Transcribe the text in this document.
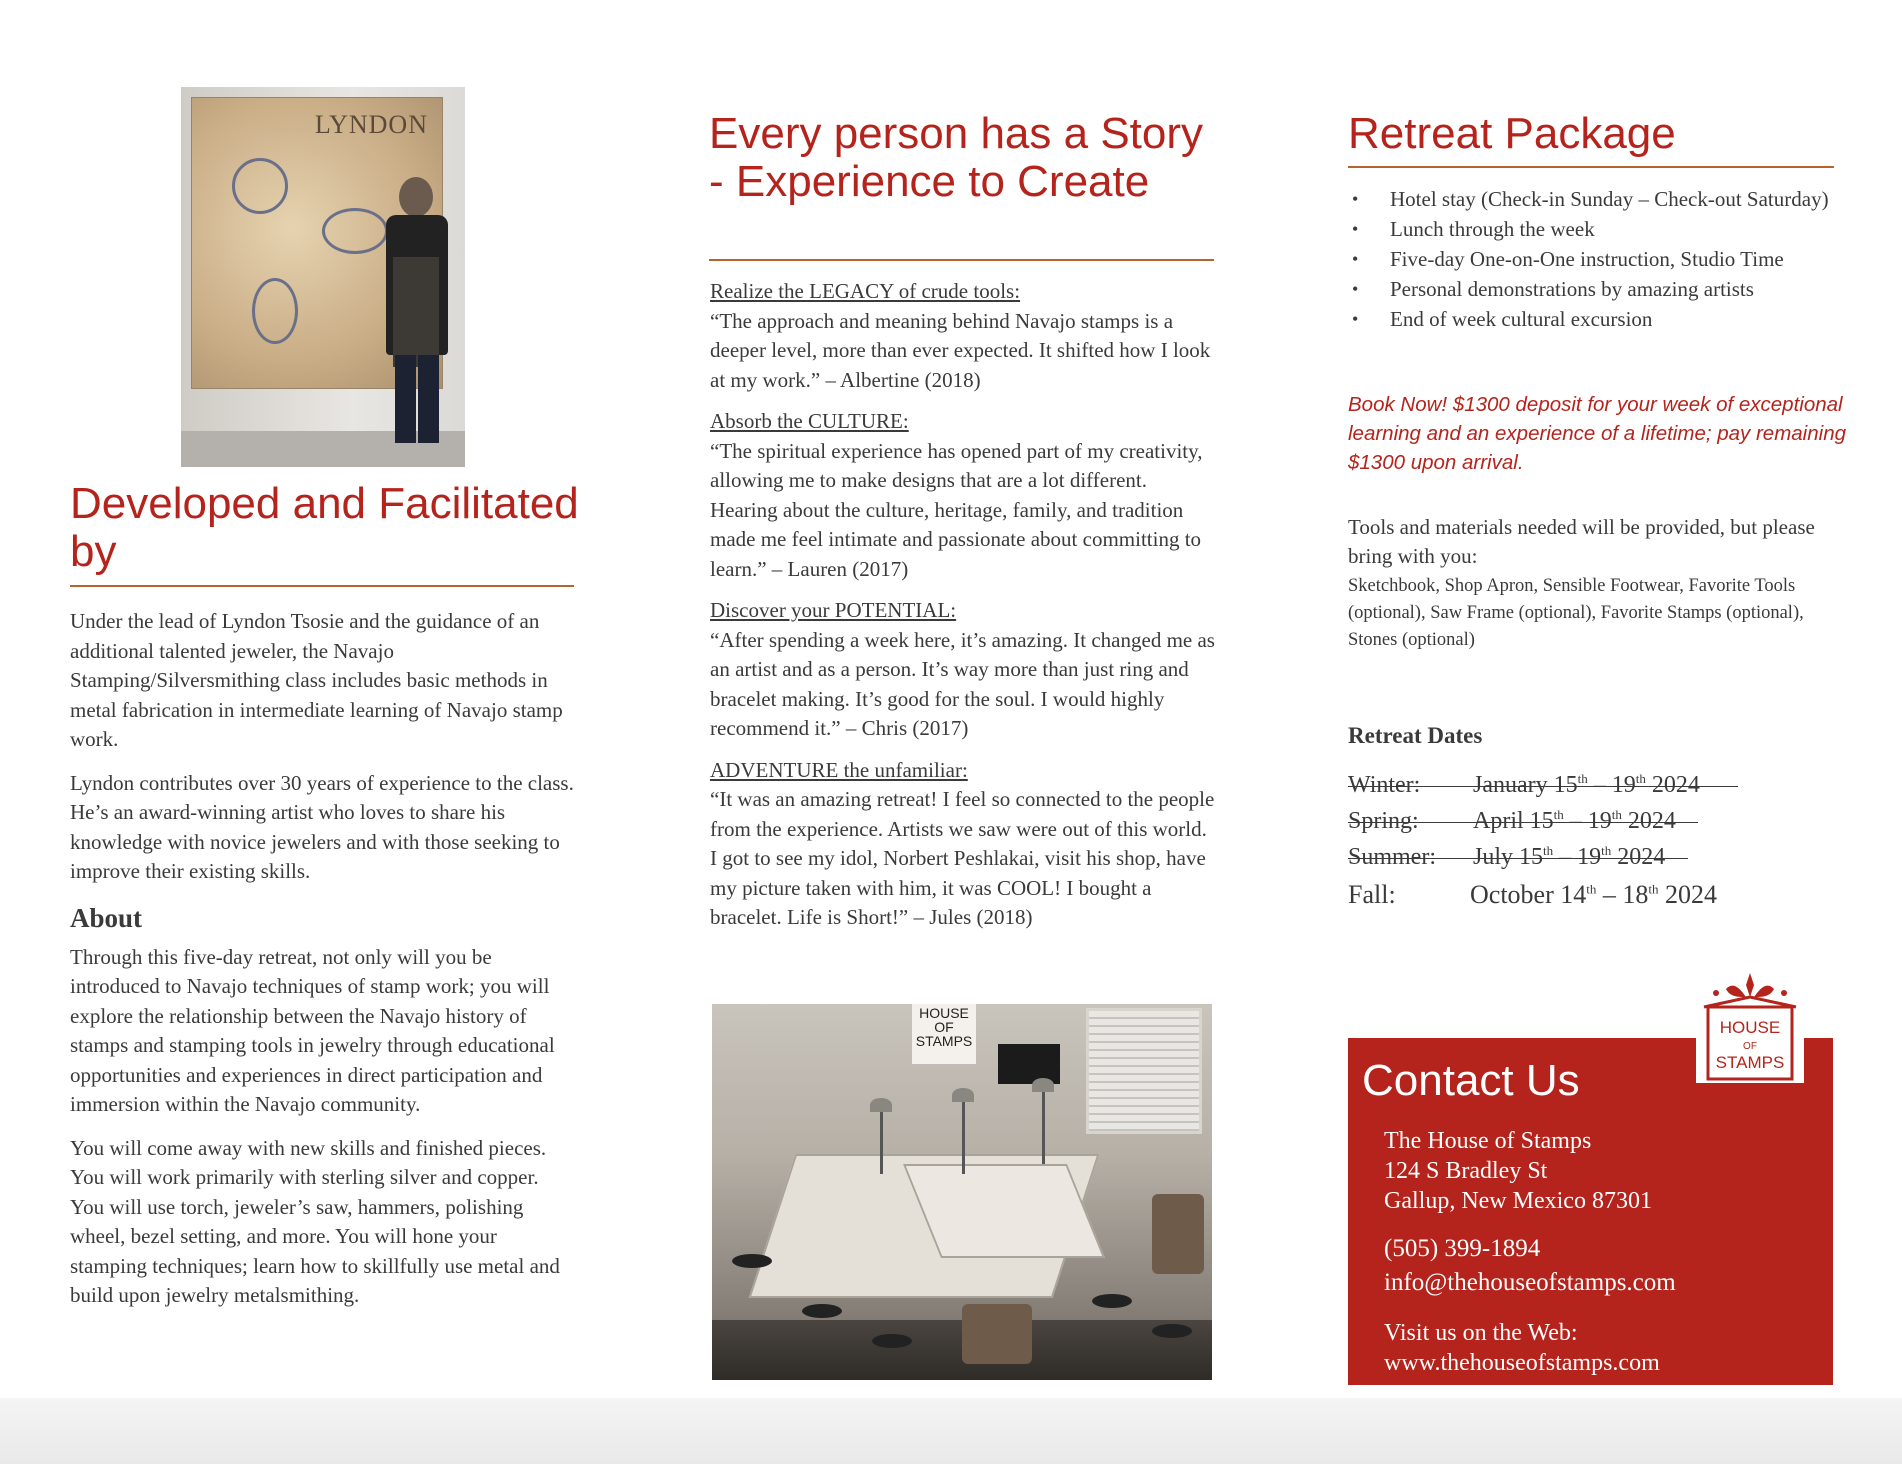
LYNDON
Developed and Facilitated by

Under the lead of Lyndon Tsosie and the guidance of an additional talented jeweler, the Navajo Stamping/Silversmithing class includes basic methods in metal fabrication in intermediate learning of Navajo stamp work.

Lyndon contributes over 30 years of experience to the class. He’s an award-winning artist who loves to share his knowledge with novice jewelers and with those seeking to improve their existing skills.

About

Through this five-day retreat, not only will you be introduced to Navajo techniques of stamp work; you will explore the relationship between the Navajo history of stamps and stamping tools in jewelry through educational opportunities and experiences in direct participation and immersion within the Navajo community.

You will come away with new skills and finished pieces. You will work primarily with sterling silver and copper. You will use torch, jeweler’s saw, hammers, polishing wheel, bezel setting, and more. You will hone your stamping techniques; learn how to skillfully use metal and build upon jewelry metalsmithing.

Every person has a Story - Experience to Create

Realize the LEGACY of crude tools:

“The approach and meaning behind Navajo stamps is a deeper level, more than ever expected. It shifted how I look at my work.” – Albertine (2018)

Absorb the CULTURE:

“The spiritual experience has opened part of my creativity, allowing me to make designs that are a lot different. Hearing about the culture, heritage, family, and tradition made me feel intimate and passionate about committing to learn.” – Lauren (2017)

Discover your POTENTIAL:

“After spending a week here, it’s amazing. It changed me as an artist and as a person. It’s way more than just ring and bracelet making. It’s good for the soul. I would highly recommend it.” – Chris (2017)

ADVENTURE the unfamiliar:

“It was an amazing retreat! I feel so connected to the people from the experience. Artists we saw were out of this world. I got to see my idol, Norbert Peshlakai, visit his shop, have my picture taken with him, it was COOL! I bought a bracelet. Life is Short!” – Jules (2018)

HOUSE OF STAMPS
Retreat Package
• Hotel stay (Check-in Sunday – Check-out Saturday)
• Lunch through the week
• Five-day One-on-One instruction, Studio Time
• Personal demonstrations by amazing artists
• End of week cultural excursion

Book Now! $1300 deposit for your week of exceptional learning and an experience of a lifetime; pay remaining $1300 upon arrival.

Tools and materials needed will be provided, but please bring with you:

Sketchbook, Shop Apron, Sensible Footwear, Favorite Tools (optional), Saw Frame (optional), Favorite Stamps (optional), Stones (optional)

Retreat Dates
Winter: January 15th – 19th 2024
Spring: April 15th – 19th 2024
Summer: July 15th – 19th 2024
Fall:	October 14th – 18th 2024
Contact Us
The House of Stamps
124 S Bradley St
Gallup, New Mexico 87301
(505) 399-1894
info@thehouseofstamps.com
Visit us on the Web:
www.thehouseofstamps.com
HOUSE
OF
STAMPS
